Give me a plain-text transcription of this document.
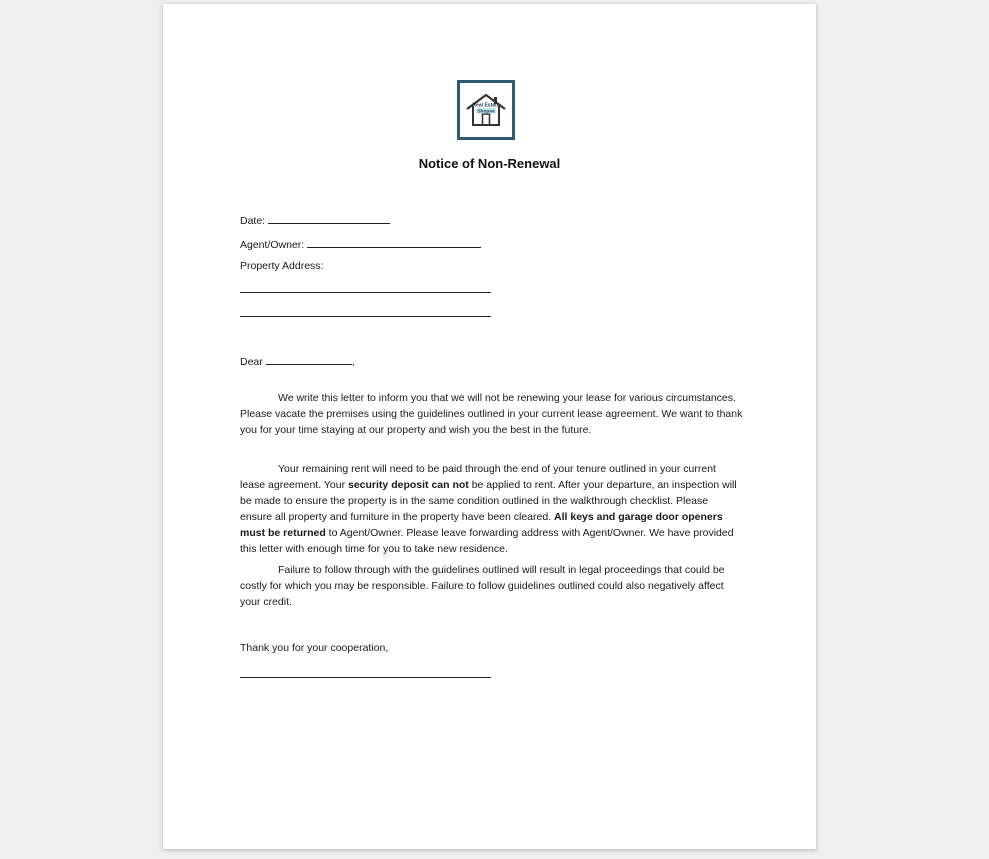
Real Estate
Shopee
Notice of Non-Renewal
Date:
Agent/Owner:
Property Address:
Dear	,

We write this letter to inform you that we will not be renewing your lease for various circumstances. Please vacate the premises using the guidelines outlined in your current lease agreement. We want to thank you for your time staying at our property and wish you the best in the future.

Your remaining rent will need to be paid through the end of your tenure outlined in your current lease agreement. Your security deposit can not be applied to rent. After your departure, an inspection will be made to ensure the property is in the same condition outlined in the walkthrough checklist. Please ensure all property and furniture in the property have been cleared. All keys and garage door openers must be returned to Agent/Owner. Please leave forwarding address with Agent/Owner. We have provided this letter with enough time for you to take new residence.

Failure to follow through with the guidelines outlined will result in legal proceedings that could be costly for which you may be responsible. Failure to follow guidelines outlined could also negatively affect your credit.

Thank you for your cooperation,
